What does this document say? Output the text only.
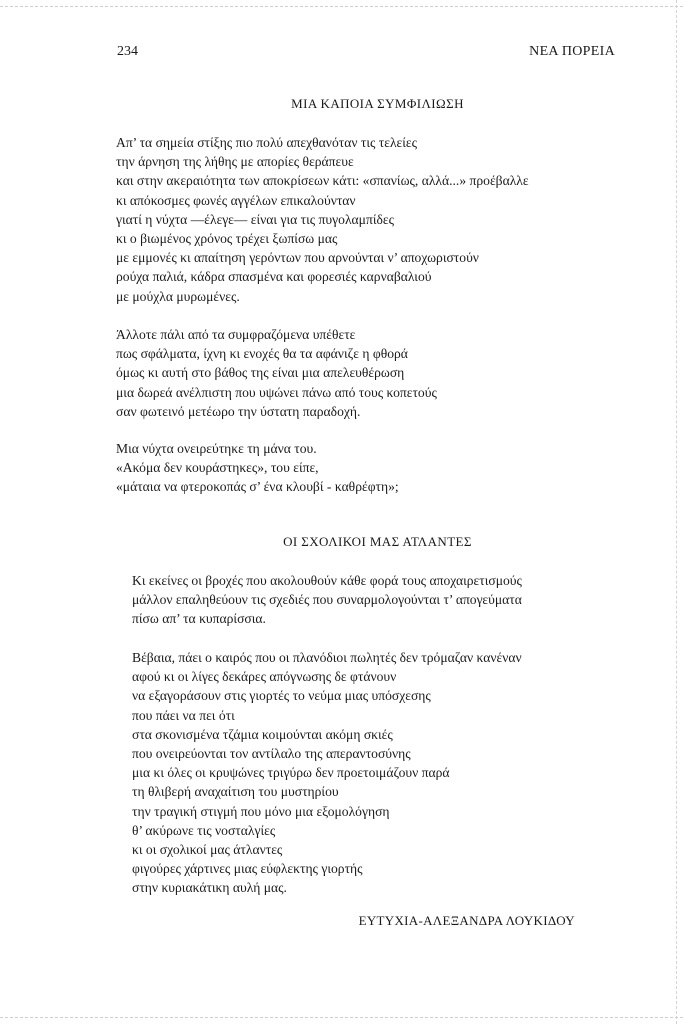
234	ΝΕΑ ΠΟΡΕΙΑ
ΜΙΑ ΚΑΠΟΙΑ ΣΥΜΦΙΛΙΩΣΗ
Απ’ τα σημεία στίξης πιο πολύ απεχθανόταν τις τελείες
την άρνηση της λήθης με απορίες θεράπευε
και στην ακεραιότητα των αποκρίσεων κάτι: «σπανίως, αλλά...» προέβαλλε
κι απόκοσμες φωνές αγγέλων επικαλούνταν
γιατί η νύχτα —έλεγε— είναι για τις πυγολαμπίδες
κι ο βιωμένος χρόνος τρέχει ξωπίσω μας
με εμμονές κι απαίτηση γερόντων που αρνούνται ν’ αποχωριστούν
ρούχα παλιά, κάδρα σπασμένα και φορεσιές καρναβαλιού
με μούχλα μυρωμένες.
Άλλοτε πάλι από τα συμφραζόμενα υπέθετε
πως σφάλματα, ίχνη κι ενοχές θα τα αφάνιζε η φθορά
όμως κι αυτή στο βάθος της είναι μια απελευθέρωση
μια δωρεά ανέλπιστη που υψώνει πάνω από τους κοπετούς
σαν φωτεινό μετέωρο την ύστατη παραδοχή.
Μια νύχτα ονειρεύτηκε τη μάνα του.
«Ακόμα δεν κουράστηκες», του είπε,
«μάταια να φτεροκοπάς σ’ ένα κλουβί - καθρέφτη»;
ΟΙ ΣΧΟΛΙΚΟΙ ΜΑΣ ΑΤΛΑΝΤΕΣ
Κι εκείνες οι βροχές που ακολουθούν κάθε φορά τους αποχαιρετισμούς
μάλλον επαληθεύουν τις σχεδιές που συναρμολογούνται τ’ απογεύματα
πίσω απ’ τα κυπαρίσσια.
Βέβαια, πάει ο καιρός που οι πλανόδιοι πωλητές δεν τρόμαζαν κανέναν
αφού κι οι λίγες δεκάρες απόγνωσης δε φτάνουν
να εξαγοράσουν στις γιορτές το νεύμα μιας υπόσχεσης
που πάει να πει ότι
στα σκονισμένα τζάμια κοιμούνται ακόμη σκιές
που ονειρεύονται τον αντίλαλο της απεραντοσύνης
μια κι όλες οι κρυψώνες τριγύρω δεν προετοιμάζουν παρά
τη θλιβερή αναχαίτιση του μυστηρίου
την τραγική στιγμή που μόνο μια εξομολόγηση
θ’ ακύρωνε τις νοσταλγίες
κι οι σχολικοί μας άτλαντες
φιγούρες χάρτινες μιας εύφλεκτης γιορτής
στην κυριακάτικη αυλή μας.
ΕΥΤΥΧΙΑ-ΑΛΕΞΑΝΔΡΑ ΛΟΥΚΙΔΟΥ
